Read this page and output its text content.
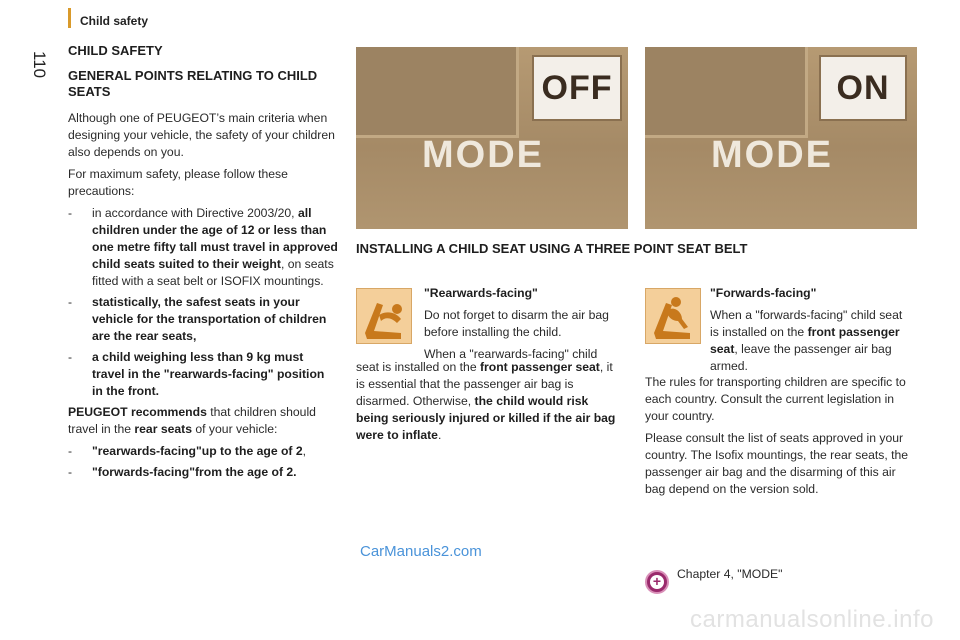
Child safety
110
CHILD SAFETY
GENERAL POINTS RELATING TO CHILD SEATS
Although one of PEUGEOT’s main criteria when designing your vehicle, the safety of your children also depends on you.
For maximum safety, please follow these precautions:
-	in accordance with Directive 2003/20, all children under the age of 12 or less than one metre fifty tall must travel in approved child seats suited to their weight, on seats fitted with a seat belt or ISOFIX mountings.
-	statistically, the safest seats in your vehicle for the transportation of children are the rear seats,
-	a child weighing less than 9 kg must travel in the "rearwards-facing" position in the front.
PEUGEOT recommends that children should travel in the rear seats of your vehicle:
-	"rearwards-facing"up to the age of 2,
-	"forwards-facing"from the age of 2.
OFF
MODE
ON
MODE
INSTALLING A CHILD SEAT USING A THREE POINT SEAT BELT
"Rearwards-facing"
Do not forget to disarm the air bag before installing the child.
When a "rearwards-facing" child
seat is installed on the front passenger seat, it is essential that the passenger air bag is disarmed. Otherwise, the child would risk being seriously injured or killed if the air bag were to inflate.
"Forwards-facing"
When a "forwards-facing" child seat is installed on the front passenger seat, leave the passenger air bag armed.
The rules for transporting children are specific to each country. Consult the current legislation in your country.
Please consult the list of seats approved in your country. The Isofix mountings, the rear seats, the passenger air bag and the disarming of this air bag depend on the version sold.
CarManuals2.com
+ Chapter 4, "MODE"
carmanualsonline.info
